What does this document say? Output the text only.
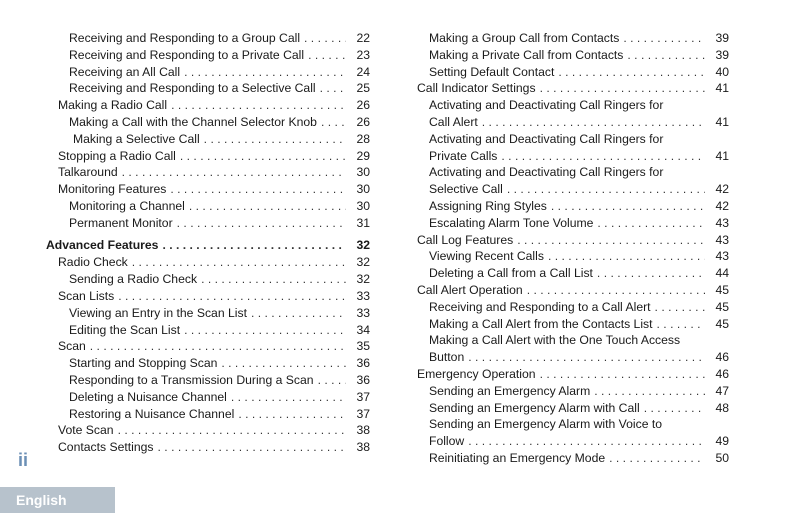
Receiving and Responding to a Group Call . . .	22
Receiving and Responding to a Private Call . . .	23
Receiving an All Call . . .	24
Receiving and Responding to a Selective Call . . .	25
Making a Radio Call . . .	26
Making a Call with the Channel Selector Knob . . .	26
Making a Selective Call . . .	28
Stopping a Radio Call . . .	29
Talkaround . . .	30
Monitoring Features . . .	30
Monitoring a Channel . . .	30
Permanent Monitor . . .	31
Advanced Features . . .	32
Radio Check . . .	32
Sending a Radio Check . . .	32
Scan Lists . . .	33
Viewing an Entry in the Scan List . . .	33
Editing the Scan List . . .	34
Scan . . .	35
Starting and Stopping Scan . . .	36
Responding to a Transmission During a Scan . . .	36
Deleting a Nuisance Channel . . .	37
Restoring a Nuisance Channel . . .	37
Vote Scan . . .	38
Contacts Settings . . .	38
Making a Group Call from Contacts . . .	39
Making a Private Call from Contacts . . .	39
Setting Default Contact . . .	40
Call Indicator Settings . . .	41
Activating and Deactivating Call Ringers for
Call Alert . . .	41
Activating and Deactivating Call Ringers for
Private Calls . . .	41
Activating and Deactivating Call Ringers for
Selective Call . . .	42
Assigning Ring Styles . . .	42
Escalating Alarm Tone Volume . . .	43
Call Log Features . . .	43
Viewing Recent Calls . . .	43
Deleting a Call from a Call List . . .	44
Call Alert Operation . . .	45
Receiving and Responding to a Call Alert . . .	45
Making a Call Alert from the Contacts List . . .	45
Making a Call Alert with the One Touch Access
Button . . .	46
Emergency Operation . . .	46
Sending an Emergency Alarm . . .	47
Sending an Emergency Alarm with Call . . .	48
Sending an Emergency Alarm with Voice to
Follow . . .	49
Reinitiating an Emergency Mode . . .	50
ii
English
